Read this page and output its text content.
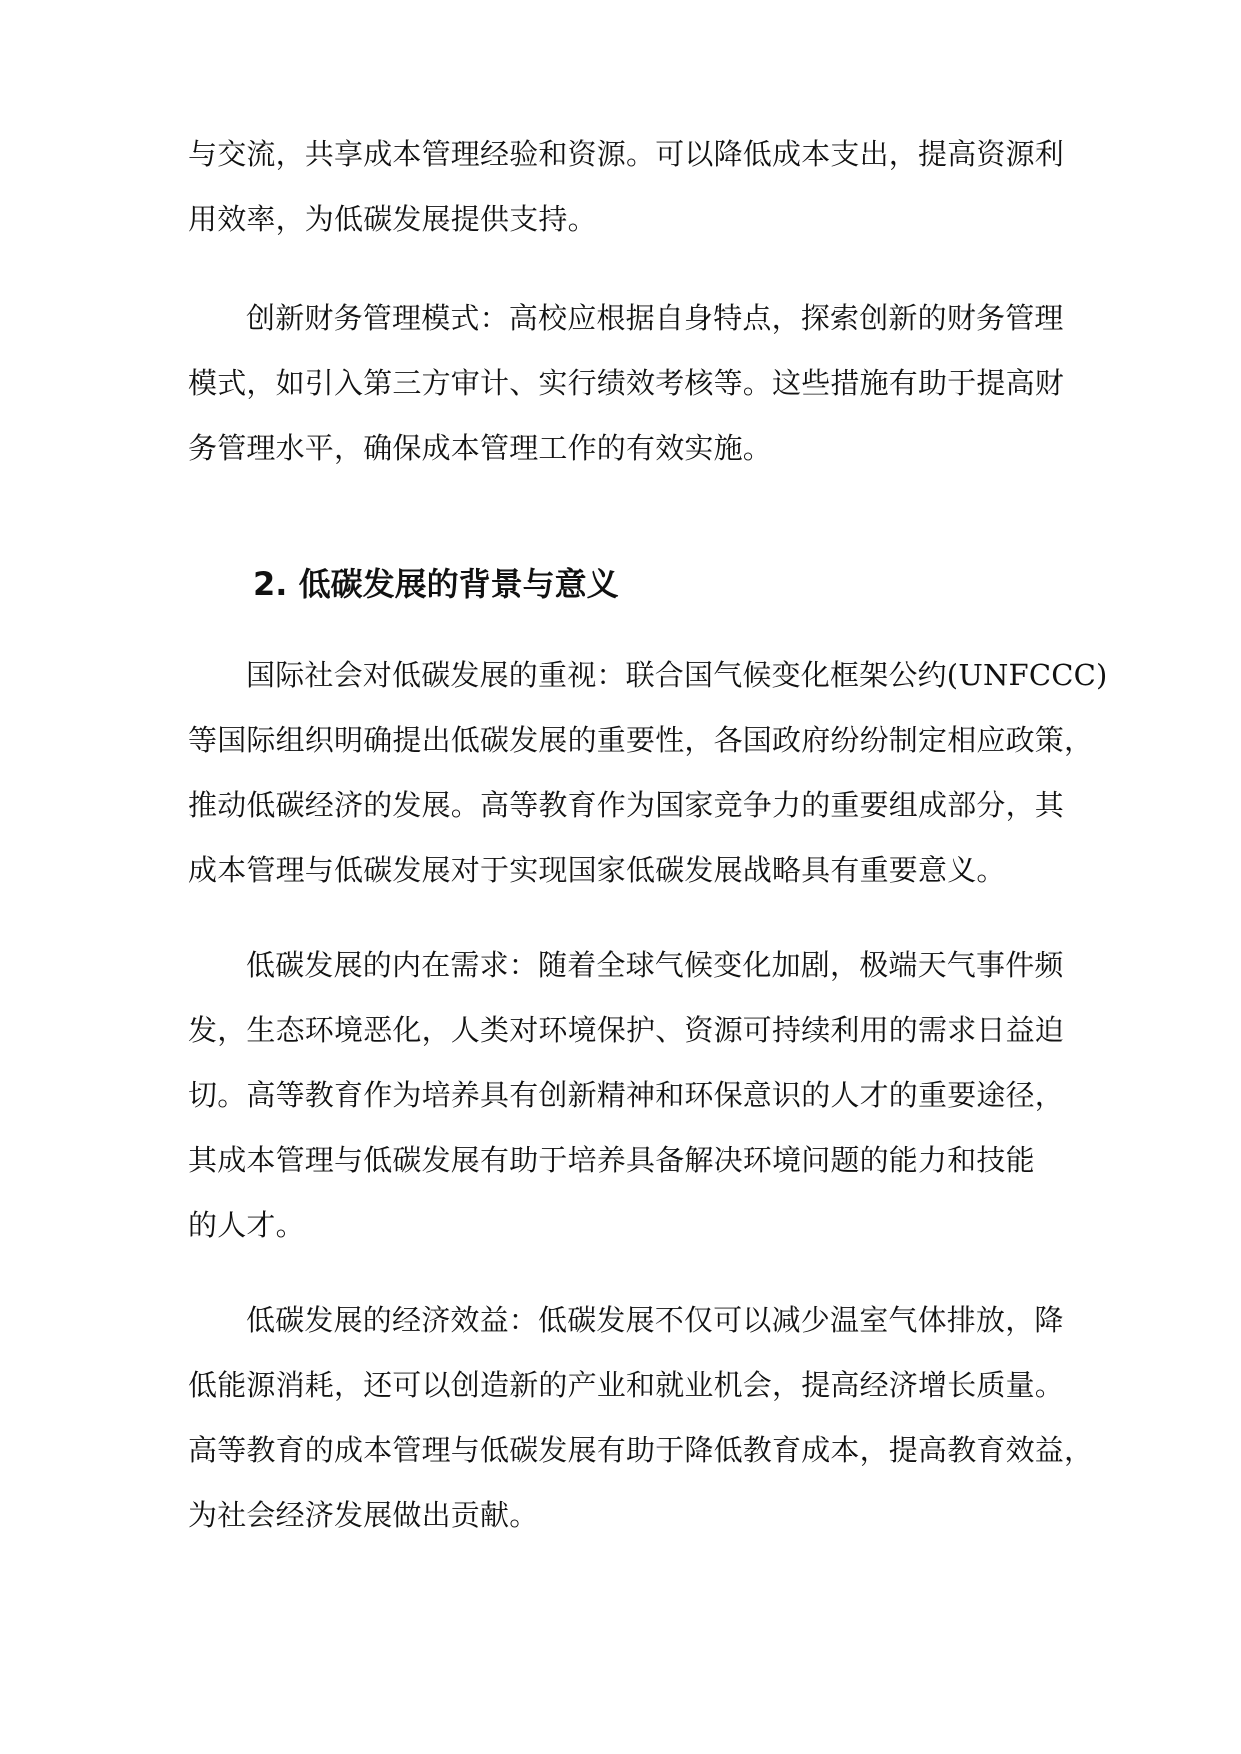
与交流，共享成本管理经验和资源。可以降低成本支出，提高资源利
用效率，为低碳发展提供支持。
创新财务管理模式：高校应根据自身特点，探索创新的财务管理
模式，如引入第三方审计、实行绩效考核等。这些措施有助于提高财
务管理水平，确保成本管理工作的有效实施。
2. 低碳发展的背景与意义
国际社会对低碳发展的重视：联合国气候变化框架公约(UNFCCC)
等国际组织明确提出低碳发展的重要性，各国政府纷纷制定相应政策，
推动低碳经济的发展。高等教育作为国家竞争力的重要组成部分，其
成本管理与低碳发展对于实现国家低碳发展战略具有重要意义。
低碳发展的内在需求：随着全球气候变化加剧，极端天气事件频
发，生态环境恶化，人类对环境保护、资源可持续利用的需求日益迫
切。高等教育作为培养具有创新精神和环保意识的人才的重要途径，
其成本管理与低碳发展有助于培养具备解决环境问题的能力和技能
的人才。
低碳发展的经济效益：低碳发展不仅可以减少温室气体排放，降
低能源消耗，还可以创造新的产业和就业机会，提高经济增长质量。
高等教育的成本管理与低碳发展有助于降低教育成本，提高教育效益，
为社会经济发展做出贡献。
